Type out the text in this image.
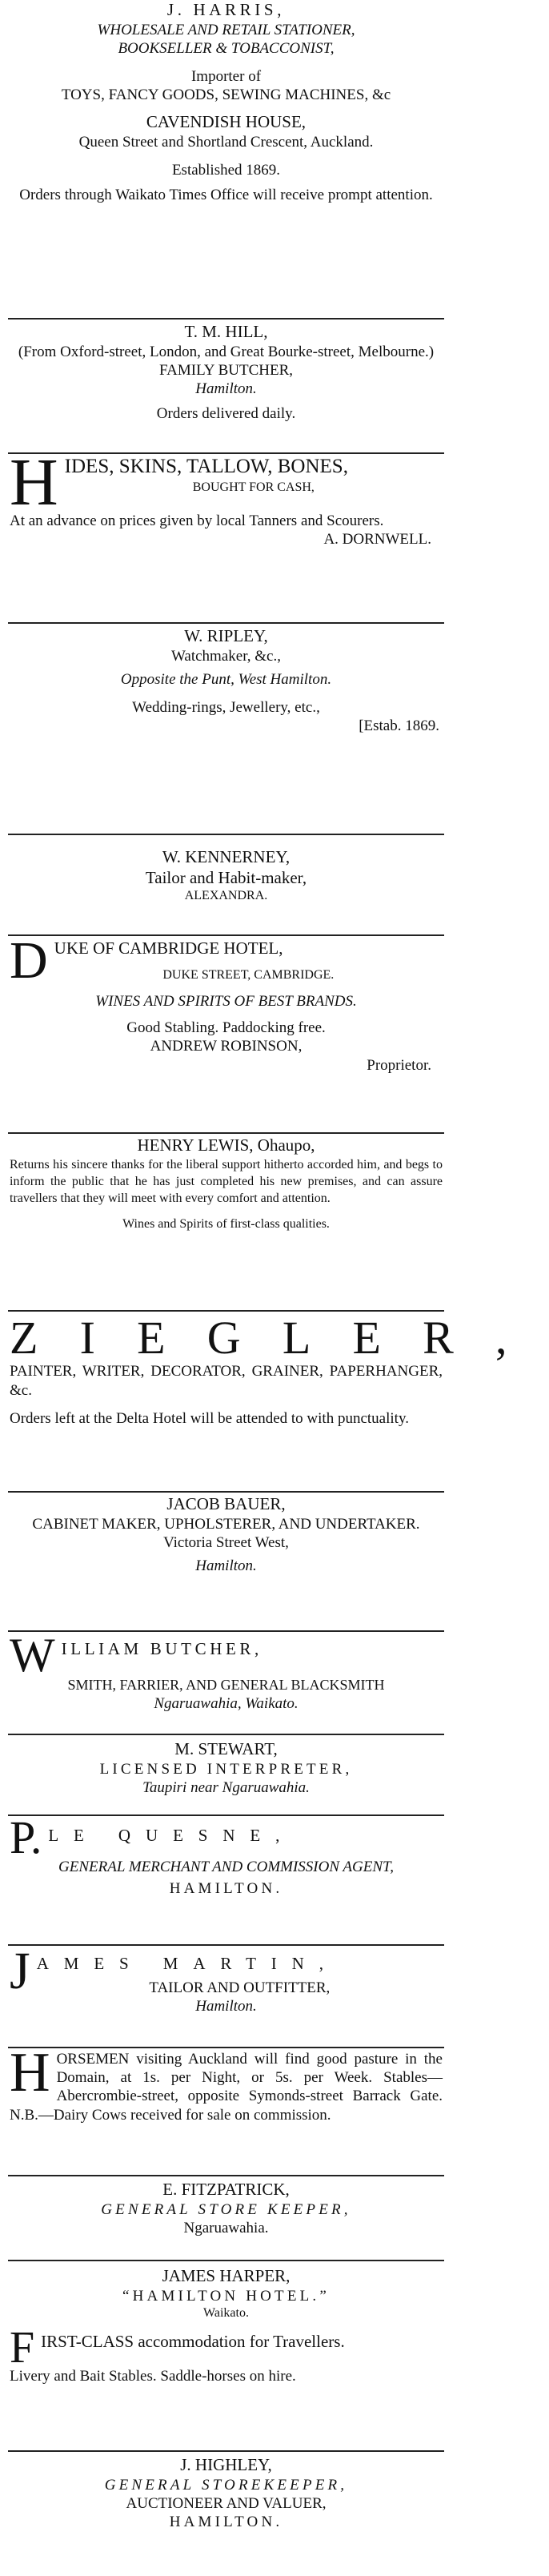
J. HARRIS,

WHOLESALE AND RETAIL STATIONER,

BOOKSELLER & TOBACCONIST,

Importer of

TOYS, FANCY GOODS, SEWING MACHINES, &c

CAVENDISH HOUSE,

Queen Street and Shortland Crescent, Auckland.

Established 1869.

Orders through Waikato Times Office will receive prompt attention.

T. M. HILL,

(From Oxford-street, London, and Great Bourke-street, Melbourne.)

FAMILY BUTCHER,

Hamilton.

Orders delivered daily.

H IDES, SKINS, TALLOW, BONES,

BOUGHT FOR CASH,

At an advance on prices given by local Tanners and Scourers.

A. DORNWELL.

W. RIPLEY,

Watchmaker, &c.,

Opposite the Punt, West Hamilton.

Wedding-rings, Jewellery, etc.,

[Estab. 1869.

W. KENNERNEY,

Tailor and Habit-maker,

ALEXANDRA.

D UKE OF CAMBRIDGE HOTEL,

DUKE STREET, CAMBRIDGE.

WINES AND SPIRITS OF BEST BRANDS.

Good Stabling. Paddocking free.

ANDREW ROBINSON,

Proprietor.

HENRY LEWIS, Ohaupo,

Returns his sincere thanks for the liberal support hitherto accorded him, and begs to inform the public that he has just completed his new premises, and can assure travellers that they will meet with every comfort and attention.

Wines and Spirits of first-class qualities.

ZIEGLER,

PAINTER, WRITER, DECORATOR, GRAINER, PAPERHANGER, &c.

Orders left at the Delta Hotel will be attended to with punctuality.

JACOB BAUER,

CABINET MAKER, UPHOLSTERER, AND UNDERTAKER.

Victoria Street West,

Hamilton.

W ILLIAM BUTCHER,

SMITH, FARRIER, AND GENERAL BLACKSMITH

Ngaruawahia, Waikato.

M. STEWART,

LICENSED INTERPRETER,

Taupiri near Ngaruawahia.

P. LE QUESNE,

GENERAL MERCHANT AND COMMISSION AGENT,

HAMILTON.

J AMES MARTIN,

TAILOR AND OUTFITTER,

Hamilton.

H ORSEMEN visiting Auckland will find good pasture in the Domain, at 1s. per Night, or 5s. per Week. Stables—Abercrombie-street, opposite Symonds-street Barrack Gate. N.B.—Dairy Cows received for sale on commission.

E. FITZPATRICK,

GENERAL STORE KEEPER,

Ngaruawahia.

JAMES HARPER,

“HAMILTON HOTEL.”

Waikato.

F IRST-CLASS accommodation for Travellers.

Livery and Bait Stables. Saddle-horses on hire.

J. HIGHLEY,

GENERAL STOREKEEPER,

AUCTIONEER AND VALUER,

HAMILTON.
